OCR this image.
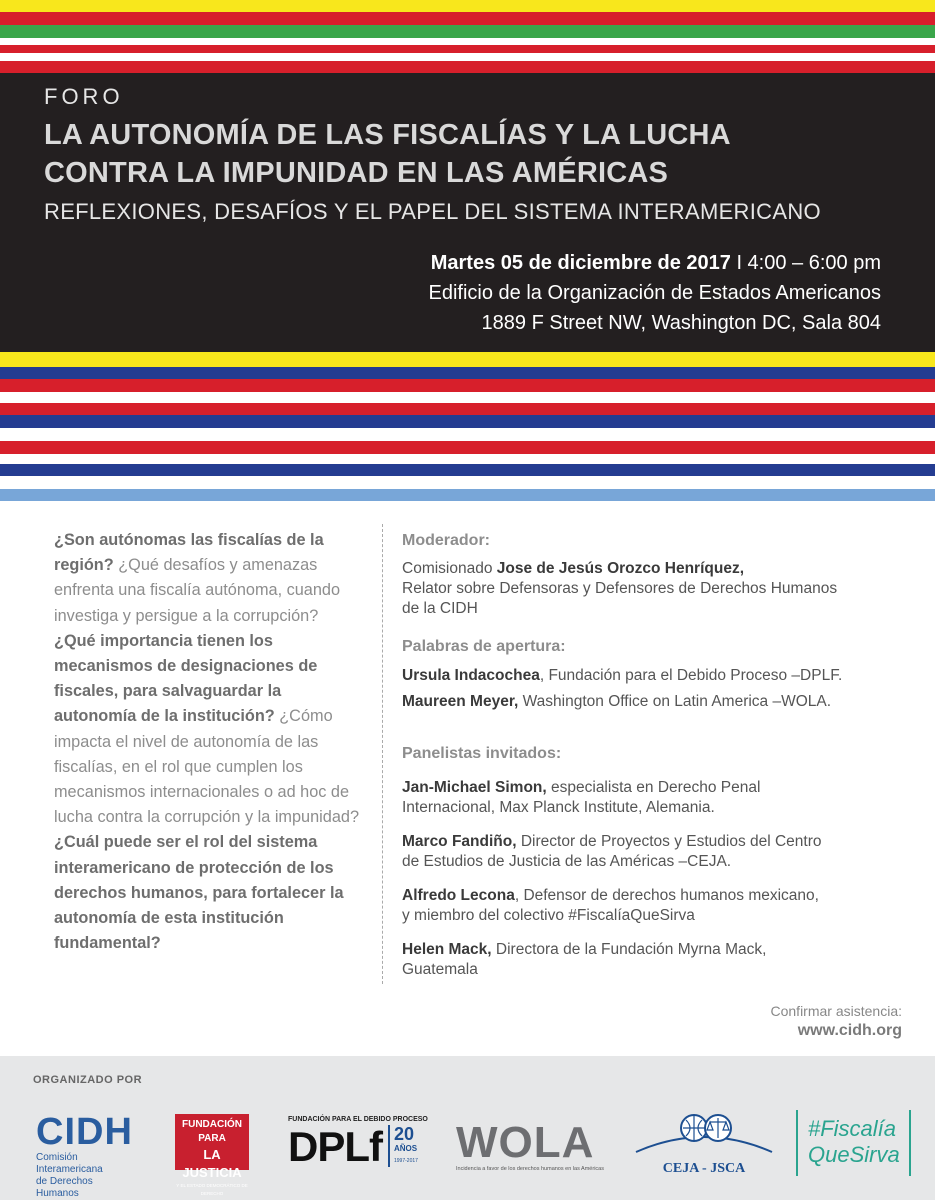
FORO
LA AUTONOMÍA DE LAS FISCALÍAS Y LA LUCHA
CONTRA LA IMPUNIDAD EN LAS AMÉRICAS
REFLEXIONES, DESAFÍOS Y EL PAPEL DEL SISTEMA INTERAMERICANO
Martes 05 de diciembre de 2017 I 4:00 – 6:00 pm
Edificio de la Organización de Estados Americanos
1889 F Street NW, Washington DC, Sala 804
¿Son autónomas las fiscalías de la región? ¿Qué desafíos y amenazas enfrenta una fiscalía autónoma, cuando investiga y persigue a la corrupción? ¿Qué importancia tienen los mecanismos de designaciones de fiscales, para salvaguardar la autonomía de la institución? ¿Cómo impacta el nivel de autonomía de las fiscalías, en el rol que cumplen los mecanismos internacionales o ad hoc de lucha contra la corrupción y la impunidad? ¿Cuál puede ser el rol del sistema interamericano de protección de los derechos humanos, para fortalecer la autonomía de esta institución fundamental?
Moderador:
Comisionado Jose de Jesús Orozco Henríquez,
Relator sobre Defensoras y Defensores de Derechos Humanos
de la CIDH
Palabras de apertura:
Ursula Indacochea, Fundación para el Debido Proceso –DPLF.
Maureen Meyer, Washington Office on Latin America –WOLA.
Panelistas invitados:
Jan-Michael Simon, especialista en Derecho Penal
Internacional, Max Planck Institute, Alemania.
Marco Fandiño, Director de Proyectos y Estudios del Centro
de Estudios de Justicia de las Américas –CEJA.
Alfredo Lecona, Defensor de derechos humanos mexicano,
y miembro del colectivo #FiscalíaQueSirva
Helen Mack, Directora de la Fundación Myrna Mack,
Guatemala
Confirmar asistencia:
www.cidh.org
ORGANIZADO POR
CIDH
Comisión Interamericana
de Derechos Humanos
FUNDACIÓN PARA
LA JUSTICIA
Y EL ESTADO DEMOCRÁTICO DE DERECHO
FUNDACIÓN PARA EL DEBIDO PROCESO
DPLf 20
AÑOS
1997-2017 WOLA
Incidencia a favor de los derechos humanos en las Américas	CEJA - JSCA
#Fiscalía
QueSirva
